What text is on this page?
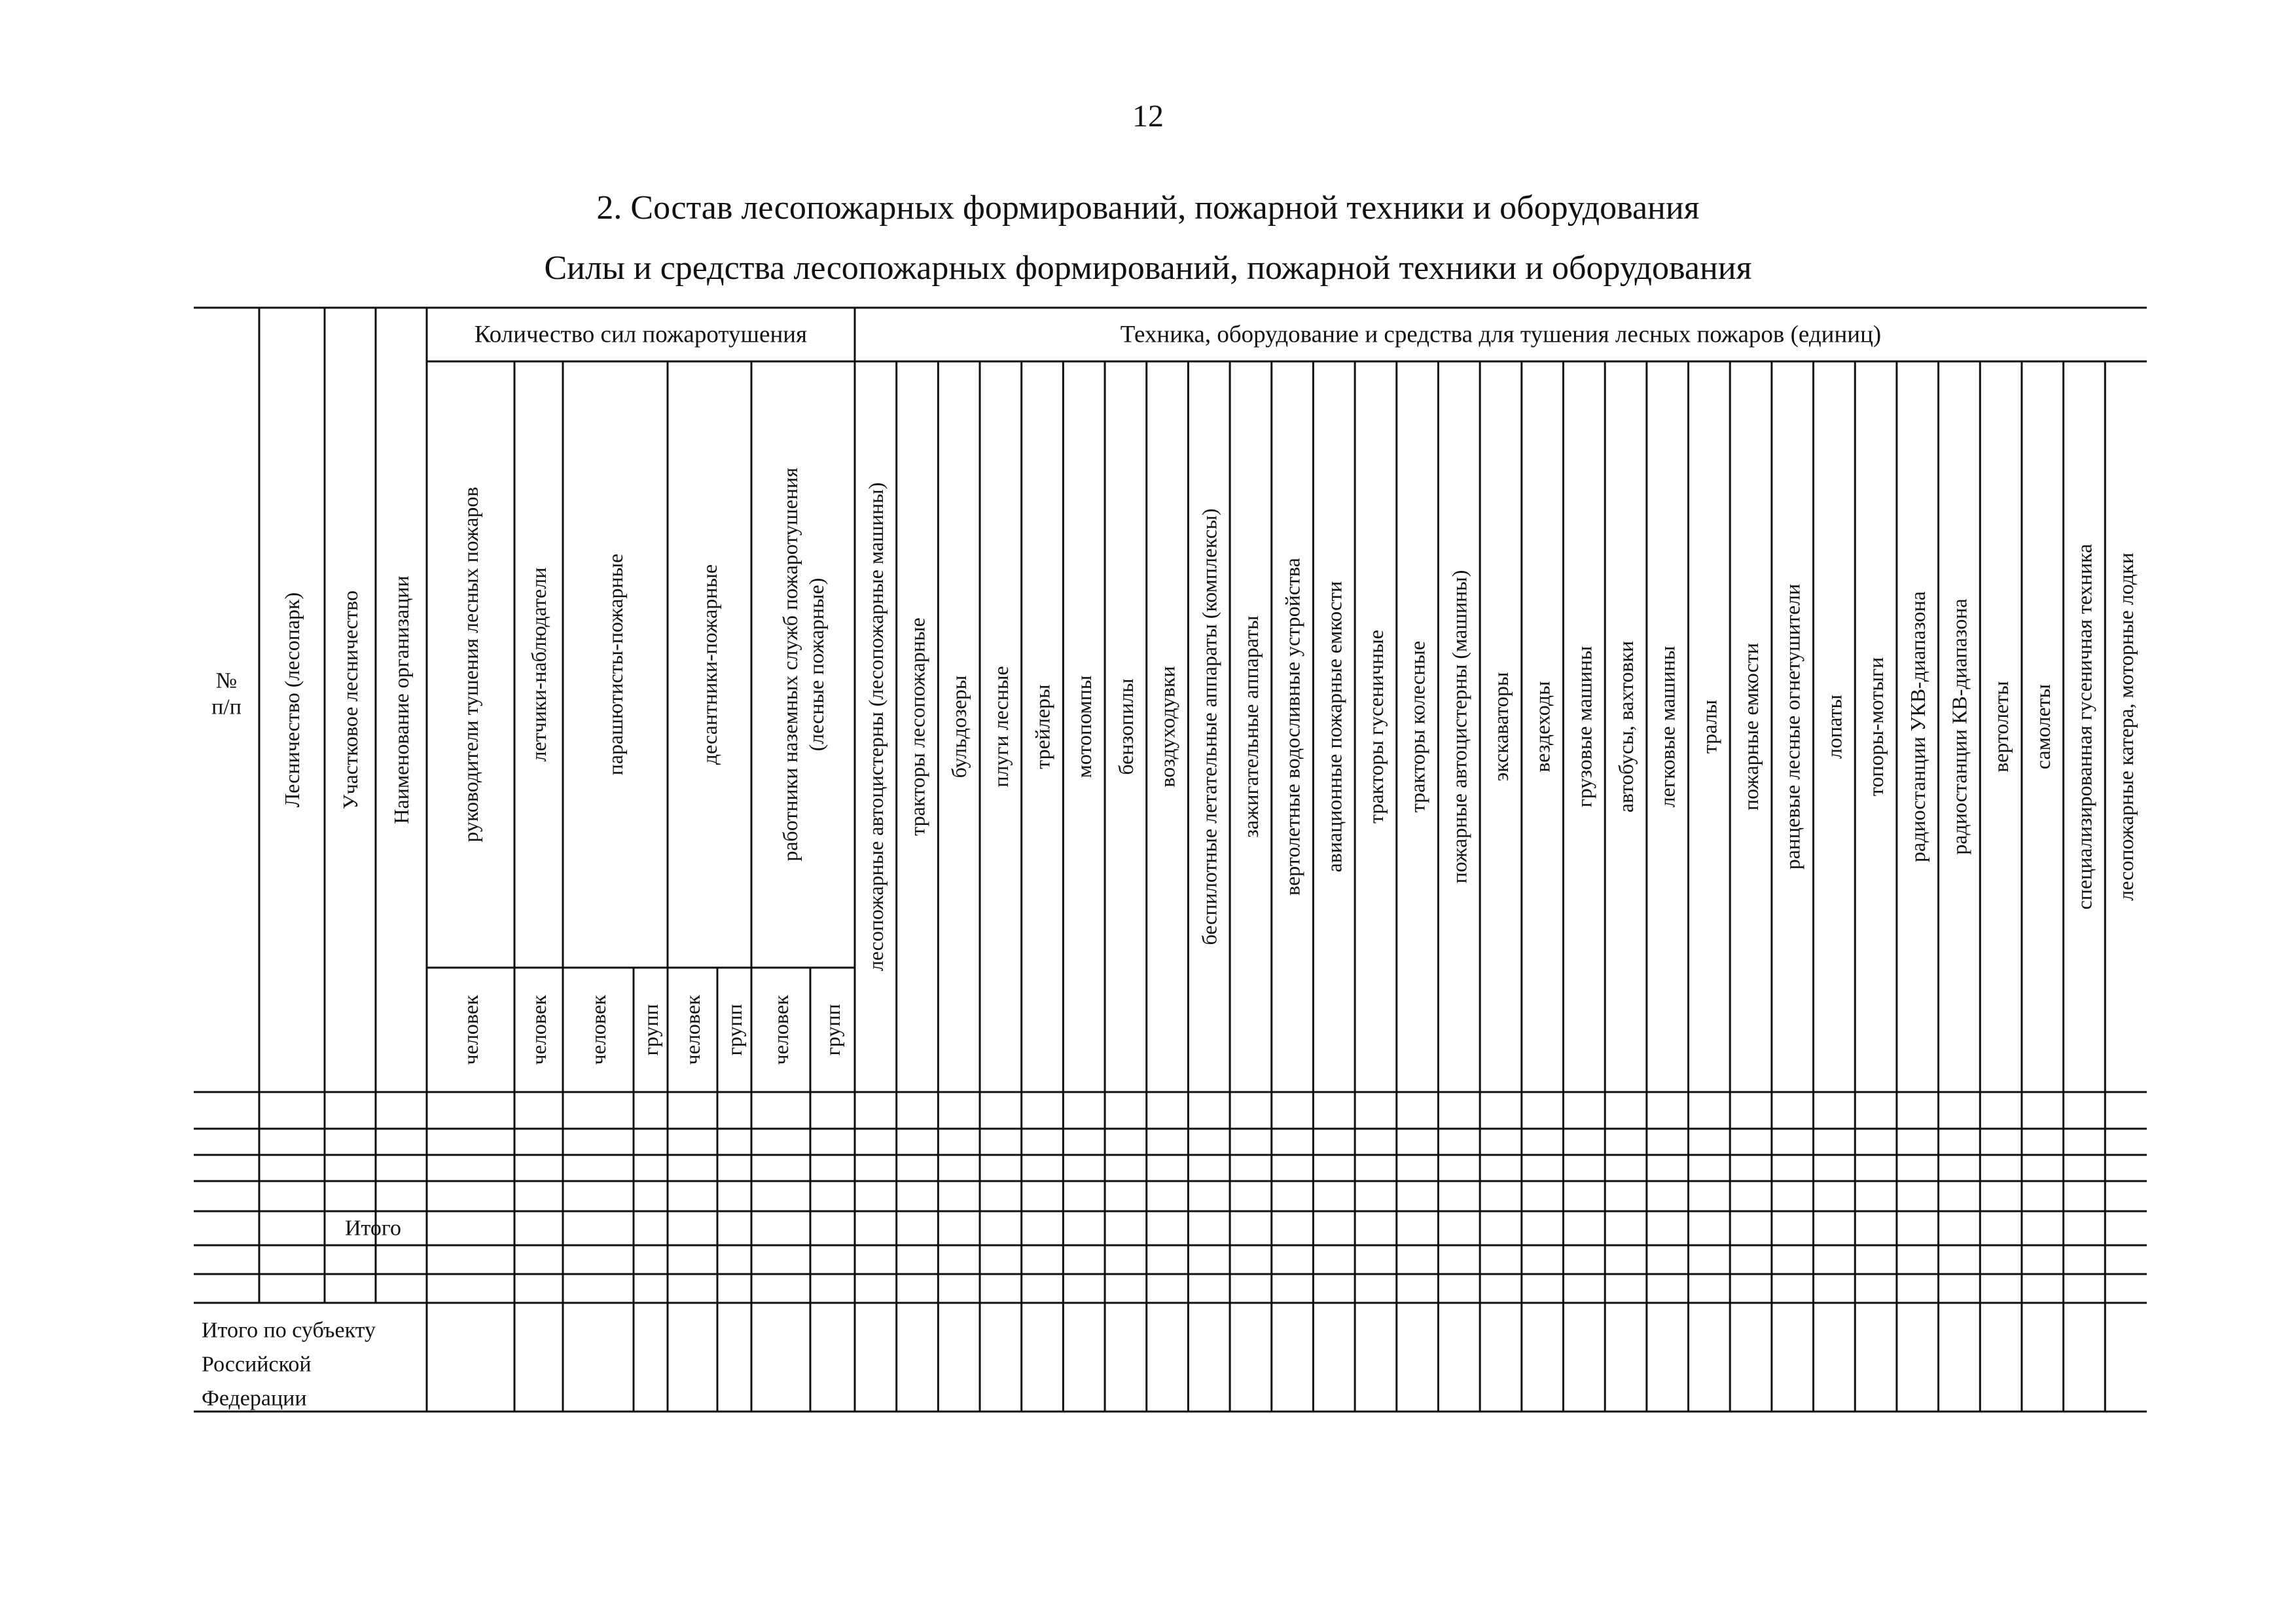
12
2. Состав лесопожарных формирований, пожарной техники и оборудования
Силы и средства лесопожарных формирований, пожарной техники и оборудования
№
п/п Лесничество (лесопарк) Участковое лесничество Наименование организации
Количество сил пожаротушения	Техника, оборудование и средства для тушения лесных пожаров (единиц)
руководители тушения лесных пожаров
человек
летчики-наблюдатели
человек
парашютисты-пожарные
человек групп
десантники-пожарные
человек групп
работники наземных служб пожаротушения (лесные пожарные)
человек групп
лесопожарные автоцистерны (лесопожарные машины) тракторы лесопожарные бульдозеры плуги лесные трейлеры мотопомпы бензопилы воздуходувки беспилотные летательные аппараты (комплексы) зажигательные аппараты вертолетные водосливные устройства авиационные пожарные емкости тракторы гусеничные тракторы колесные пожарные автоцистерны (машины) экскаваторы вездеходы грузовые машины автобусы, вахтовки легковые машины тралы пожарные емкости ранцевые лесные огнетушители лопаты топоры-мотыги радиостанции УКВ-диапазона радиостанции КВ-диапазона вертолеты самолеты специализированная гусеничная техника лесопожарные катера, моторные лодки
Итого
Итого по субъекту
Российской
Федерации
